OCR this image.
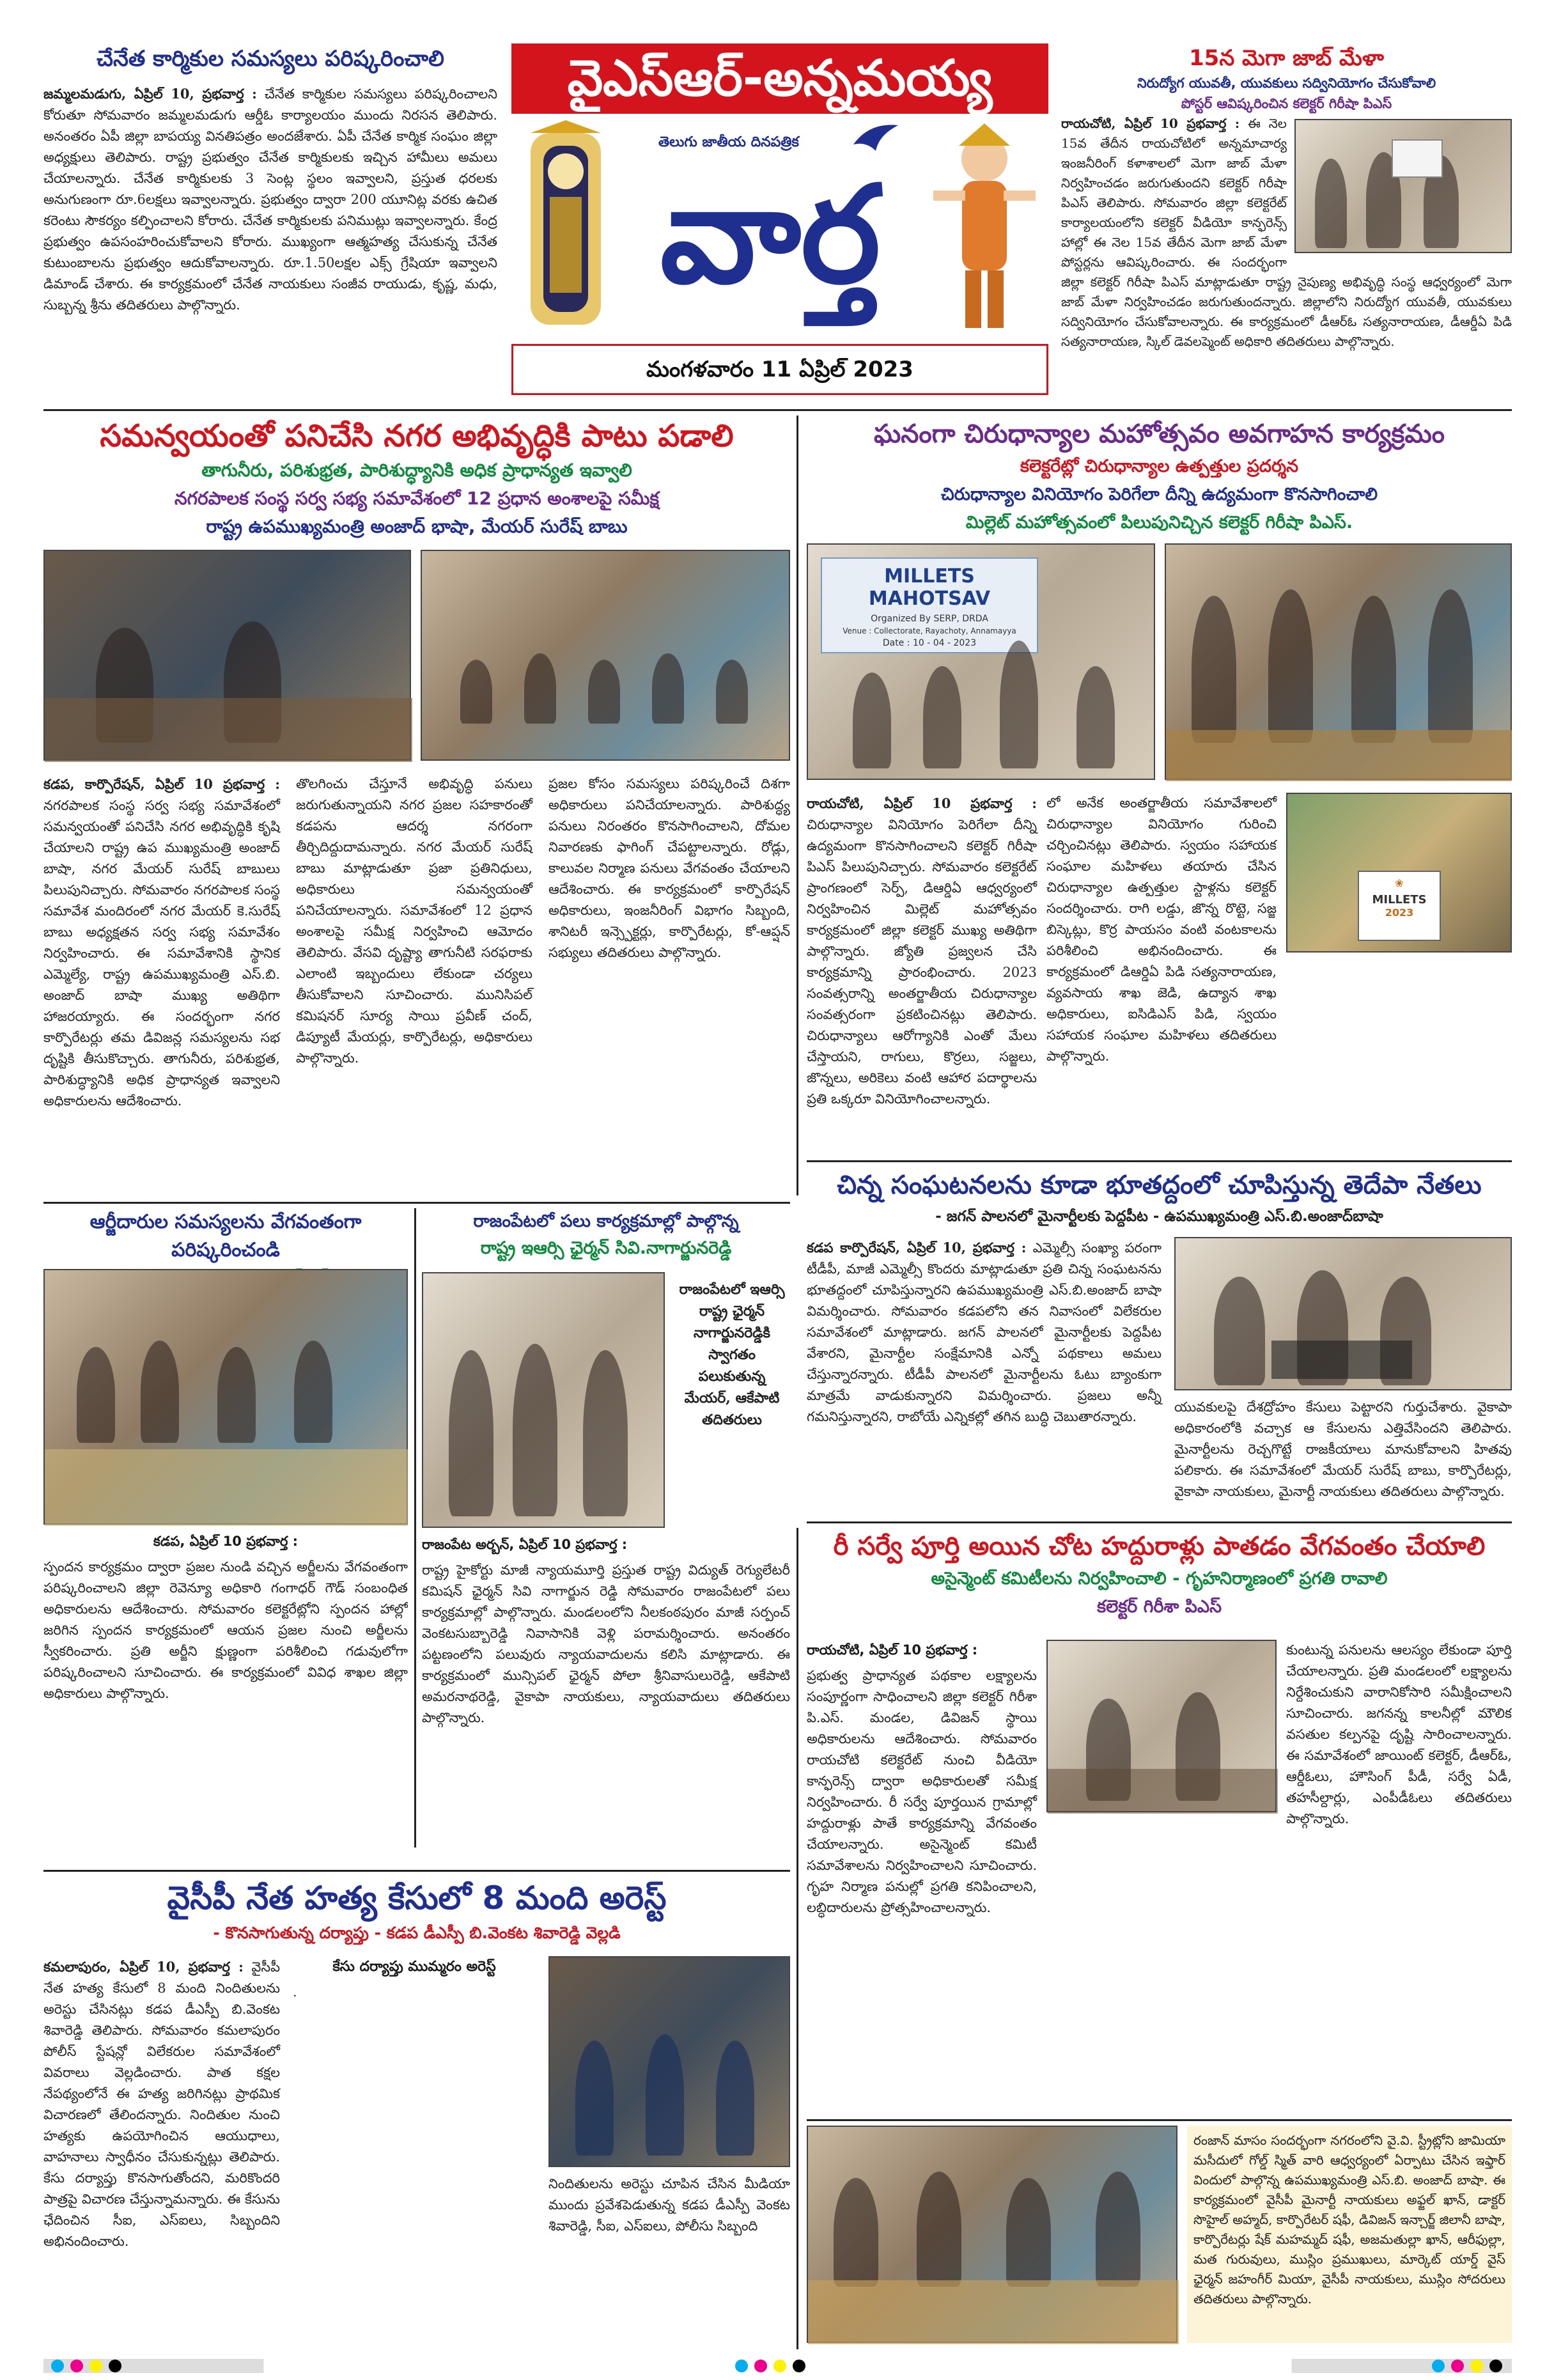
వైఎస్ఆర్-అన్నమయ్య
తెలుగు జాతీయ దినపత్రిక
వార్త
మంగళవారం 11 ఏప్రిల్ 2023
చేనేత కార్మికుల సమస్యలు పరిష్కరించాలి
జమ్మలమడుగు, ఏప్రిల్ 10, ప్రభవార్త : చేనేత కార్మికుల సమస్యలు పరిష్కరించాలని కోరుతూ సోమవారం జమ్మలమడుగు ఆర్డీఓ కార్యాలయం ముందు నిరసన తెలిపారు. అనంతరం ఏపీ జిల్లా బాపయ్య వినతిపత్రం అందజేశారు. ఏపీ చేనేత కార్మిక సంఘం జిల్లా అధ్యక్షులు తెలిపారు. రాష్ట్ర ప్రభుత్వం చేనేత కార్మికులకు ఇచ్చిన హామీలు అమలు చేయాలన్నారు. చేనేత కార్మికులకు 3 సెంట్ల స్థలం ఇవ్వాలని, ప్రస్తుత ధరలకు అనుగుణంగా రూ.6లక్షలు ఇవ్వాలన్నారు. ప్రభుత్వం ద్వారా 200 యూనిట్ల వరకు ఉచిత కరెంటు సౌకర్యం కల్పించాలని కోరారు. చేనేత కార్మికులకు పనిముట్లు ఇవ్వాలన్నారు. కేంద్ర ప్రభుత్వం ఉపసంహరించుకోవాలని కోరారు. ముఖ్యంగా ఆత్మహత్య చేసుకున్న చేనేత కుటుంబాలను ప్రభుత్వం ఆదుకోవాలన్నారు. రూ.1.50లక్షల ఎక్స్ గ్రేషియా ఇవ్వాలని డిమాండ్ చేశారు. ఈ కార్యక్రమంలో చేనేత నాయకులు సంజీవ రాయుడు, కృష్ణ, మధు, సుబ్బన్న శ్రీను తదితరులు పాల్గొన్నారు.
15న మెగా జాబ్ మేళా
నిరుద్యోగ యువతీ, యువకులు సద్వినియోగం చేసుకోవాలి
పోస్టర్ ఆవిష్కరించిన కలెక్టర్ గిరీషా పిఎస్
రాయచోటి, ఏప్రిల్ 10 ప్రభవార్త : ఈ నెల 15వ తేదీన రాయచోటిలో అన్నమాచార్య ఇంజనీరింగ్ కళాశాలలో మెగా జాబ్ మేళా నిర్వహించడం జరుగుతుందని కలెక్టర్ గిరీషా పిఎస్ తెలిపారు. సోమవారం జిల్లా కలెక్టరేట్ కార్యాలయంలోని కలెక్టర్ వీడియో కాన్ఫరెన్స్ హాల్లో ఈ నెల 15వ తేదీన మెగా జాబ్ మేళా పోస్టర్లను ఆవిష్కరించారు. ఈ సందర్భంగా జిల్లా కలెక్టర్ గిరీషా పిఎస్ మాట్లాడుతూ రాష్ట్ర నైపుణ్య అభివృద్ధి సంస్థ ఆధ్వర్యంలో మెగా జాబ్ మేళా నిర్వహించడం జరుగుతుందన్నారు. జిల్లాలోని నిరుద్యోగ యువతీ, యువకులు సద్వినియోగం చేసుకోవాలన్నారు. ఈ కార్యక్రమంలో డీఆర్ఓ సత్యనారాయణ, డీఆర్డీఏ పిడి సత్యనారాయణ, స్కిల్ డెవలప్మెంట్ అధికారి తదితరులు పాల్గొన్నారు.
సమన్వయంతో పనిచేసి నగర అభివృద్ధికి పాటు పడాలి
తాగునీరు, పరిశుభ్రత, పారిశుద్ధ్యానికి అధిక ప్రాధాన్యత ఇవ్వాలి
నగరపాలక సంస్థ సర్వ సభ్య సమావేశంలో 12 ప్రధాన అంశాలపై సమీక్ష
రాష్ట్ర ఉపముఖ్యమంత్రి అంజాద్ భాషా, మేయర్ సురేష్ బాబు
కడప, కార్పొరేషన్, ఏప్రిల్ 10 ప్రభవార్త : నగరపాలక సంస్థ సర్వ సభ్య సమావేశంలో సమన్వయంతో పనిచేసి నగర అభివృద్ధికి కృషి చేయాలని రాష్ట్ర ఉప ముఖ్యమంత్రి అంజాద్ బాషా, నగర మేయర్ సురేష్ బాబులు పిలుపునిచ్చారు. సోమవారం నగరపాలక సంస్థ సమావేశ మందిరంలో నగర మేయర్ కె.సురేష్ బాబు అధ్యక్షతన సర్వ సభ్య సమావేశం నిర్వహించారు. ఈ సమావేశానికి స్థానిక ఎమ్మెల్యే, రాష్ట్ర ఉపముఖ్యమంత్రి ఎస్.బి. అంజాద్ బాషా ముఖ్య అతిథిగా హాజరయ్యారు. ఈ సందర్భంగా నగర కార్పొరేటర్లు తమ డివిజన్ల సమస్యలను సభ దృష్టికి తీసుకొచ్చారు. తాగునీరు, పరిశుభ్రత, పారిశుద్ధ్యానికి అధిక ప్రాధాన్యత ఇవ్వాలని అధికారులను ఆదేశించారు.
తొలగించు చేస్తూనే అభివృద్ధి పనులు జరుగుతున్నాయని నగర ప్రజల సహకారంతో కడపను ఆదర్శ నగరంగా తీర్చిదిద్దుదామన్నారు. నగర మేయర్ సురేష్ బాబు మాట్లాడుతూ ప్రజా ప్రతినిధులు, అధికారులు సమన్వయంతో పనిచేయాలన్నారు. సమావేశంలో 12 ప్రధాన అంశాలపై సమీక్ష నిర్వహించి ఆమోదం తెలిపారు. వేసవి దృష్ట్యా తాగునీటి సరఫరాకు ఎలాంటి ఇబ్బందులు లేకుండా చర్యలు తీసుకోవాలని సూచించారు. మునిసిపల్ కమిషనర్ సూర్య సాయి ప్రవీణ్ చంద్, డిప్యూటీ మేయర్లు, కార్పొరేటర్లు, అధికారులు పాల్గొన్నారు.
ప్రజల కోసం సమస్యలు పరిష్కరించే దిశగా అధికారులు పనిచేయాలన్నారు. పారిశుద్ధ్య పనులు నిరంతరం కొనసాగించాలని, దోమల నివారణకు ఫాగింగ్ చేపట్టాలన్నారు. రోడ్లు, కాలువల నిర్మాణ పనులు వేగవంతం చేయాలని ఆదేశించారు. ఈ కార్యక్రమంలో కార్పొరేషన్ అధికారులు, ఇంజనీరింగ్ విభాగం సిబ్బంది, శానిటరీ ఇన్స్పెక్టర్లు, కార్పొరేటర్లు, కో-ఆప్షన్ సభ్యులు తదితరులు పాల్గొన్నారు.
ఘనంగా చిరుధాన్యాల మహోత్సవం అవగాహన కార్యక్రమం
కలెక్టరేట్లో చిరుధాన్యాల ఉత్పత్తుల ప్రదర్శన
చిరుధాన్యాల వినియోగం పెరిగేలా దీన్ని ఉద్యమంగా కొనసాగించాలి
మిల్లెట్ మహోత్సవంలో పిలుపునిచ్చిన కలెక్టర్ గిరీషా పిఎస్.
MILLETS MAHOTSAV
Organized By SERP, DRDA
Venue : Collectorate, Rayachoty, Annamayya
Date : 10 - 04 - 2023
రాయచోటి, ఏప్రిల్ 10 ప్రభవార్త : చిరుధాన్యాల వినియోగం పెరిగేలా దీన్ని ఉద్యమంగా కొనసాగించాలని కలెక్టర్ గిరీషా పిఎస్ పిలుపునిచ్చారు. సోమవారం కలెక్టరేట్ ప్రాంగణంలో సెర్ప్, డిఆర్డిఏ ఆధ్వర్యంలో నిర్వహించిన మిల్లెట్ మహోత్సవం కార్యక్రమంలో జిల్లా కలెక్టర్ ముఖ్య అతిథిగా పాల్గొన్నారు. జ్యోతి ప్రజ్వలన చేసి కార్యక్రమాన్ని ప్రారంభించారు. 2023 సంవత్సరాన్ని అంతర్జాతీయ చిరుధాన్యాల సంవత్సరంగా ప్రకటించినట్లు తెలిపారు. చిరుధాన్యాలు ఆరోగ్యానికి ఎంతో మేలు చేస్తాయని, రాగులు, కొర్రలు, సజ్జలు, జొన్నలు, అరికెలు వంటి ఆహార పదార్థాలను ప్రతి ఒక్కరూ వినియోగించాలన్నారు.
లో అనేక అంతర్జాతీయ సమావేశాలలో చిరుధాన్యాల వినియోగం గురించి చర్చించినట్లు తెలిపారు. స్వయం సహాయక సంఘాల మహిళలు తయారు చేసిన చిరుధాన్యాల ఉత్పత్తుల స్టాళ్లను కలెక్టర్ సందర్శించారు. రాగి లడ్డు, జొన్న రొట్టె, సజ్జ బిస్కెట్లు, కొర్ర పాయసం వంటి వంటకాలను పరిశీలించి అభినందించారు. ఈ కార్యక్రమంలో డిఆర్డిఏ పిడి సత్యనారాయణ, వ్యవసాయ శాఖ జెడి, ఉద్యాన శాఖ అధికారులు, ఐసిడిఎస్ పిడి, స్వయం సహాయక సంఘాల మహిళలు తదితరులు పాల్గొన్నారు.
❀
MILLETS
2023
చిన్న సంఘటనలను కూడా భూతద్దంలో చూపిస్తున్న తెదేపా నేతలు
- జగన్ పాలనలో మైనార్టీలకు పెద్దపీట - ఉపముఖ్యమంత్రి ఎస్.బి.అంజాద్‌బాషా
కడప కార్పొరేషన్, ఏప్రిల్ 10, ప్రభవార్త : ఎమ్మెల్సీ సంఖ్యా పరంగా టీడీపీ, మాజీ ఎమ్మెల్సీ కొందరు మాట్లాడుతూ ప్రతి చిన్న సంఘటనను భూతద్దంలో చూపిస్తున్నారని ఉపముఖ్యమంత్రి ఎస్.బి.అంజాద్ బాషా విమర్శించారు. సోమవారం కడపలోని తన నివాసంలో విలేకరుల సమావేశంలో మాట్లాడారు. జగన్ పాలనలో మైనార్టీలకు పెద్దపీట వేశారని, మైనార్టీల సంక్షేమానికి ఎన్నో పథకాలు అమలు చేస్తున్నారన్నారు. టీడీపీ పాలనలో మైనార్టీలను ఓటు బ్యాంకుగా మాత్రమే వాడుకున్నారని విమర్శించారు. ప్రజలు అన్నీ గమనిస్తున్నారని, రాబోయే ఎన్నికల్లో తగిన బుద్ధి చెబుతారన్నారు.
యువకులపై దేశద్రోహం కేసులు పెట్టారని గుర్తుచేశారు. వైకాపా అధికారంలోకి వచ్చాక ఆ కేసులను ఎత్తివేసిందని తెలిపారు. మైనార్టీలను రెచ్చగొట్టే రాజకీయాలు మానుకోవాలని హితవు పలికారు. ఈ సమావేశంలో మేయర్ సురేష్ బాబు, కార్పొరేటర్లు, వైకాపా నాయకులు, మైనార్టీ నాయకులు తదితరులు పాల్గొన్నారు.
ఆర్జీదారుల సమస్యలను వేగవంతంగా పరిష్కరించండి
కడప, ఏప్రిల్ 10 ప్రభవార్త :
స్పందన కార్యక్రమం ద్వారా ప్రజల నుండి వచ్చిన అర్జీలను వేగవంతంగా పరిష్కరించాలని జిల్లా రెవెన్యూ అధికారి గంగాధర్ గౌడ్ సంబంధిత అధికారులను ఆదేశించారు. సోమవారం కలెక్టరేట్లోని స్పందన హాల్లో జరిగిన స్పందన కార్యక్రమంలో ఆయన ప్రజల నుంచి అర్జీలను స్వీకరించారు. ప్రతి అర్జీని క్షుణ్ణంగా పరిశీలించి గడువులోగా పరిష్కరించాలని సూచించారు. ఈ కార్యక్రమంలో వివిధ శాఖల జిల్లా అధికారులు పాల్గొన్నారు.
రాజంపేటలో పలు కార్యక్రమాల్లో పాల్గొన్న
రాష్ట్ర ఇఆర్సి ఛైర్మన్ సివి.నాగార్జునరెడ్డి
రాజంపేటలో ఇఆర్సి రాష్ట్ర ఛైర్మన్ నాగార్జునరెడ్డికి స్వాగతం పలుకుతున్న మేయర్, ఆకేపాటి తదితరులు
రాజంపేట అర్బన్, ఏప్రిల్ 10 ప్రభవార్త :
రాష్ట్ర హైకోర్టు మాజీ న్యాయమూర్తి ప్రస్తుత రాష్ట్ర విద్యుత్ రెగ్యులేటరీ కమిషన్ ఛైర్మన్ సివి నాగార్జున రెడ్డి సోమవారం రాజంపేటలో పలు కార్యక్రమాల్లో పాల్గొన్నారు. మండలంలోని నీలకంఠపురం మాజీ సర్పంచ్ వెంకటసుబ్బారెడ్డి నివాసానికి వెళ్లి పరామర్శించారు. అనంతరం పట్టణంలోని పలువురు న్యాయవాదులను కలిసి మాట్లాడారు. ఈ కార్యక్రమంలో మున్సిపల్ ఛైర్మన్ పోలా శ్రీనివాసులురెడ్డి, ఆకేపాటి అమరనాథరెడ్డి, వైకాపా నాయకులు, న్యాయవాదులు తదితరులు పాల్గొన్నారు.
వైసీపీ నేత హత్య కేసులో 8 మంది అరెస్ట్
- కొనసాగుతున్న దర్యాప్తు - కడప డీఎస్పీ బి.వెంకట శివారెడ్డి వెల్లడి
కమలాపురం, ఏప్రిల్ 10, ప్రభవార్త : వైసీపీ నేత హత్య కేసులో 8 మంది నిందితులను అరెస్టు చేసినట్లు కడప డీఎస్పీ బి.వెంకట శివారెడ్డి తెలిపారు. సోమవారం కమలాపురం పోలీస్ స్టేషన్లో విలేకరుల సమావేశంలో వివరాలు వెల్లడించారు. పాత కక్షల నేపథ్యంలోనే ఈ హత్య జరిగినట్లు ప్రాథమిక విచారణలో తేలిందన్నారు. నిందితుల నుంచి హత్యకు ఉపయోగించిన ఆయుధాలు, వాహనాలు స్వాధీనం చేసుకున్నట్లు తెలిపారు. కేసు దర్యాప్తు కొనసాగుతోందని, మరికొందరి పాత్రపై విచారణ చేస్తున్నామన్నారు. ఈ కేసును ఛేదించిన సీఐ, ఎస్ఐలు, సిబ్బందిని అభినందించారు.
కేసు దర్యాప్తు ముమ్మరం అరెస్ట్
.
నిందితులను అరెస్టు చూపిన చేసిన మీడియా ముందు ప్రవేశపెడుతున్న కడప డీఎస్పీ వెంకట శివారెడ్డి, సీఐ, ఎస్ఐలు, పోలీసు సిబ్బంది
రీ సర్వే పూర్తి అయిన చోట హద్దురాళ్లు పాతడం వేగవంతం చేయాలి
అసైన్మెంట్ కమిటీలను నిర్వహించాలి - గృహనిర్మాణంలో ప్రగతి రావాలి
కలెక్టర్ గిరీశా పిఎస్
రాయచోటి, ఏప్రిల్ 10 ప్రభవార్త :
ప్రభుత్వ ప్రాధాన్యత పథకాల లక్ష్యాలను సంపూర్ణంగా సాధించాలని జిల్లా కలెక్టర్ గిరీశా పి.ఎస్. మండల, డివిజన్ స్థాయి అధికారులను ఆదేశించారు. సోమవారం రాయచోటి కలెక్టరేట్ నుంచి వీడియో కాన్ఫరెన్స్ ద్వారా అధికారులతో సమీక్ష నిర్వహించారు. రీ సర్వే పూర్తయిన గ్రామాల్లో హద్దురాళ్లు పాతే కార్యక్రమాన్ని వేగవంతం చేయాలన్నారు. అసైన్మెంట్ కమిటీ సమావేశాలను నిర్వహించాలని సూచించారు. గృహ నిర్మాణ పనుల్లో ప్రగతి కనిపించాలని, లబ్ధిదారులను ప్రోత్సహించాలన్నారు.
కుంటున్న పనులను ఆలస్యం లేకుండా పూర్తి చేయాలన్నారు. ప్రతి మండలంలో లక్ష్యాలను నిర్దేశించుకుని వారానికోసారి సమీక్షించాలని సూచించారు. జగనన్న కాలనీల్లో మౌలిక వసతుల కల్పనపై దృష్టి సారించాలన్నారు. ఈ సమావేశంలో జాయింట్ కలెక్టర్, డీఆర్ఓ, ఆర్డీఓలు, హౌసింగ్ పీడీ, సర్వే ఏడీ, తహసీల్దార్లు, ఎంపీడీఓలు తదితరులు పాల్గొన్నారు.
రంజాన్ మాసం సందర్భంగా నగరంలోని వై.వి. స్ట్రీట్లోని జామియా మసీదులో గోల్డ్ స్మిత్ వారి ఆధ్వర్యంలో ఏర్పాటు చేసిన ఇఫ్తార్ విందులో పాల్గొన్న ఉపముఖ్యమంత్రి ఎస్.బి. అంజాద్ బాషా. ఈ కార్యక్రమంలో వైసీపీ మైనార్టీ నాయకులు అఫ్జల్ ఖాన్, డాక్టర్ సొహైల్ అహ్మద్, కార్పొరేటర్ షఫీ, డివిజన్ ఇన్చార్జ్ జిలానీ బాషా, కార్పొరేటర్లు షేక్ మహమ్మద్ షఫీ, అజమతుల్లా ఖాన్, ఆరీఫుల్లా, మత గురువులు, ముస్లిం ప్రముఖులు, మార్కెట్ యార్డ్ వైస్ ఛైర్మన్ జహంగీర్ మియా, వైసీపీ నాయకులు, ముస్లిం సోదరులు తదితరులు పాల్గొన్నారు.
